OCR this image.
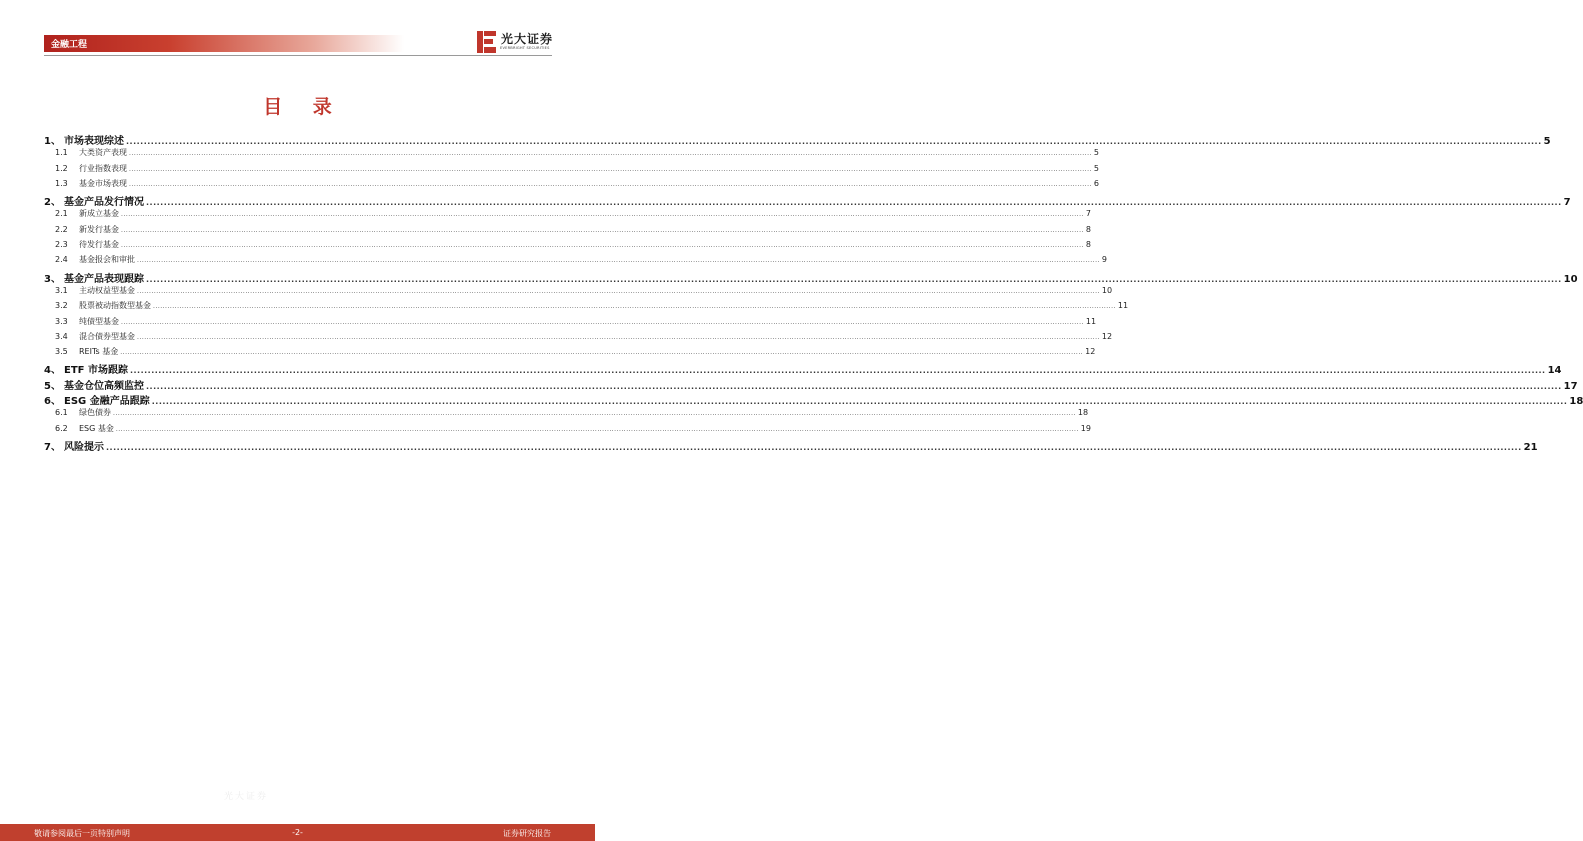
金融工程	光大证券
EVERBRIGHT SECURITIES
目 录
1、 市场表现综述 ................................................................................................................................................................................................................................................................................................................................................................................................................ 5
1.1	大类资产表现 ................................................................................................................................................................................................................................................................................................................................................................................................................ 5
1.2	行业指数表现 ................................................................................................................................................................................................................................................................................................................................................................................................................ 5
1.3	基金市场表现 ................................................................................................................................................................................................................................................................................................................................................................................................................ 6
2、 基金产品发行情况 ................................................................................................................................................................................................................................................................................................................................................................................................................ 7
2.1	新成立基金 ................................................................................................................................................................................................................................................................................................................................................................................................................ 7
2.2	新发行基金 ................................................................................................................................................................................................................................................................................................................................................................................................................ 8
2.3	待发行基金 ................................................................................................................................................................................................................................................................................................................................................................................................................ 8
2.4	基金报会和审批 ................................................................................................................................................................................................................................................................................................................................................................................................................ 9
3、 基金产品表现跟踪 ................................................................................................................................................................................................................................................................................................................................................................................................................ 10
3.1	主动权益型基金 ................................................................................................................................................................................................................................................................................................................................................................................................................ 10
3.2	股票被动指数型基金 ................................................................................................................................................................................................................................................................................................................................................................................................................ 11
3.3	纯债型基金 ................................................................................................................................................................................................................................................................................................................................................................................................................ 11
3.4	混合债券型基金 ................................................................................................................................................................................................................................................................................................................................................................................................................ 12
3.5	REITs 基金 ................................................................................................................................................................................................................................................................................................................................................................................................................ 12
4、 ETF 市场跟踪 ................................................................................................................................................................................................................................................................................................................................................................................................................ 14
5、 基金仓位高频监控 ................................................................................................................................................................................................................................................................................................................................................................................................................ 17
6、 ESG 金融产品跟踪 ................................................................................................................................................................................................................................................................................................................................................................................................................ 18
6.1	绿色债券 ................................................................................................................................................................................................................................................................................................................................................................................................................ 18
6.2	ESG 基金 ................................................................................................................................................................................................................................................................................................................................................................................................................ 19
7、 风险提示 ................................................................................................................................................................................................................................................................................................................................................................................................................ 21
光大证券
敬请参阅最后一页特别声明	-2-	证券研究报告
